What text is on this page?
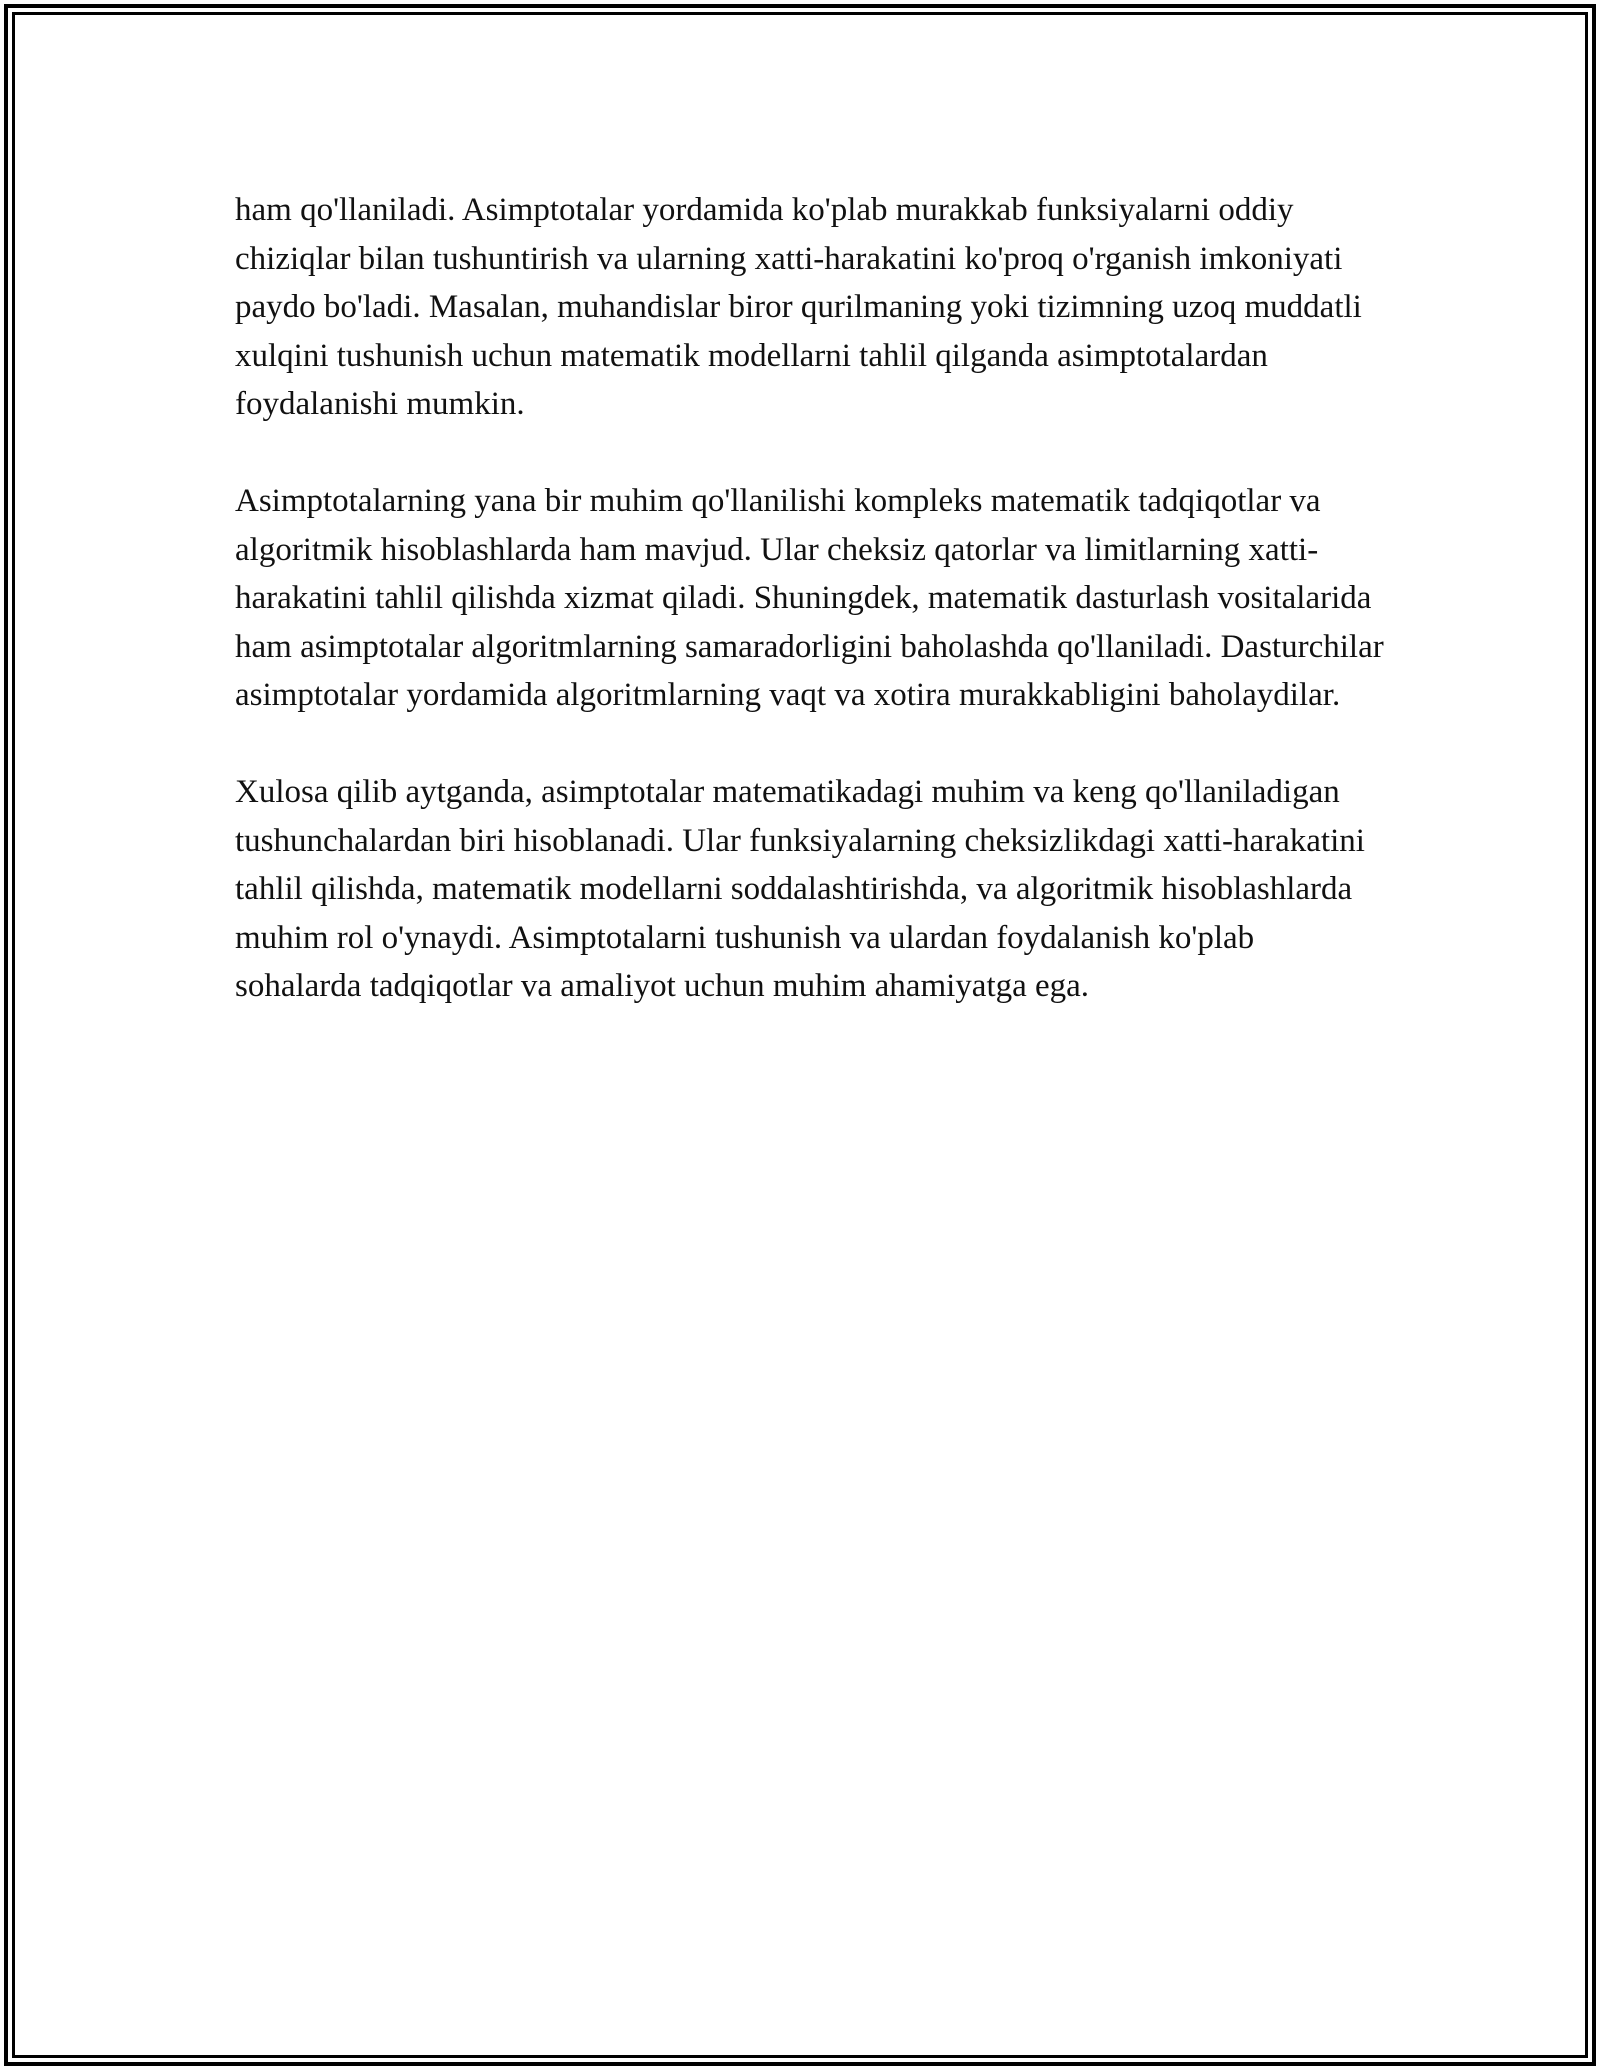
ham qo'llaniladi. Asimptotalar yordamida ko'plab murakkab funksiyalarni oddiy chiziqlar bilan tushuntirish va ularning xatti-harakatini ko'proq o'rganish imkoniyati paydo bo'ladi. Masalan, muhandislar biror qurilmaning yoki tizimning uzoq muddatli xulqini tushunish uchun matematik modellarni tahlil qilganda asimptotalardan foydalanishi mumkin.

Asimptotalarning yana bir muhim qo'llanilishi kompleks matematik tadqiqotlar va algoritmik hisoblashlarda ham mavjud. Ular cheksiz qatorlar va limitlarning xatti-harakatini tahlil qilishda xizmat qiladi. Shuningdek, matematik dasturlash vositalarida ham asimptotalar algoritmlarning samaradorligini baholashda qo'llaniladi. Dasturchilar asimptotalar yordamida algoritmlarning vaqt va xotira murakkabligini baholaydilar.

Xulosa qilib aytganda, asimptotalar matematikadagi muhim va keng qo'llaniladigan tushunchalardan biri hisoblanadi. Ular funksiyalarning cheksizlikdagi xatti-harakatini tahlil qilishda, matematik modellarni soddalashtirishda, va algoritmik hisoblashlarda muhim rol o'ynaydi. Asimptotalarni tushunish va ulardan foydalanish ko'plab sohalarda tadqiqotlar va amaliyot uchun muhim ahamiyatga ega.
